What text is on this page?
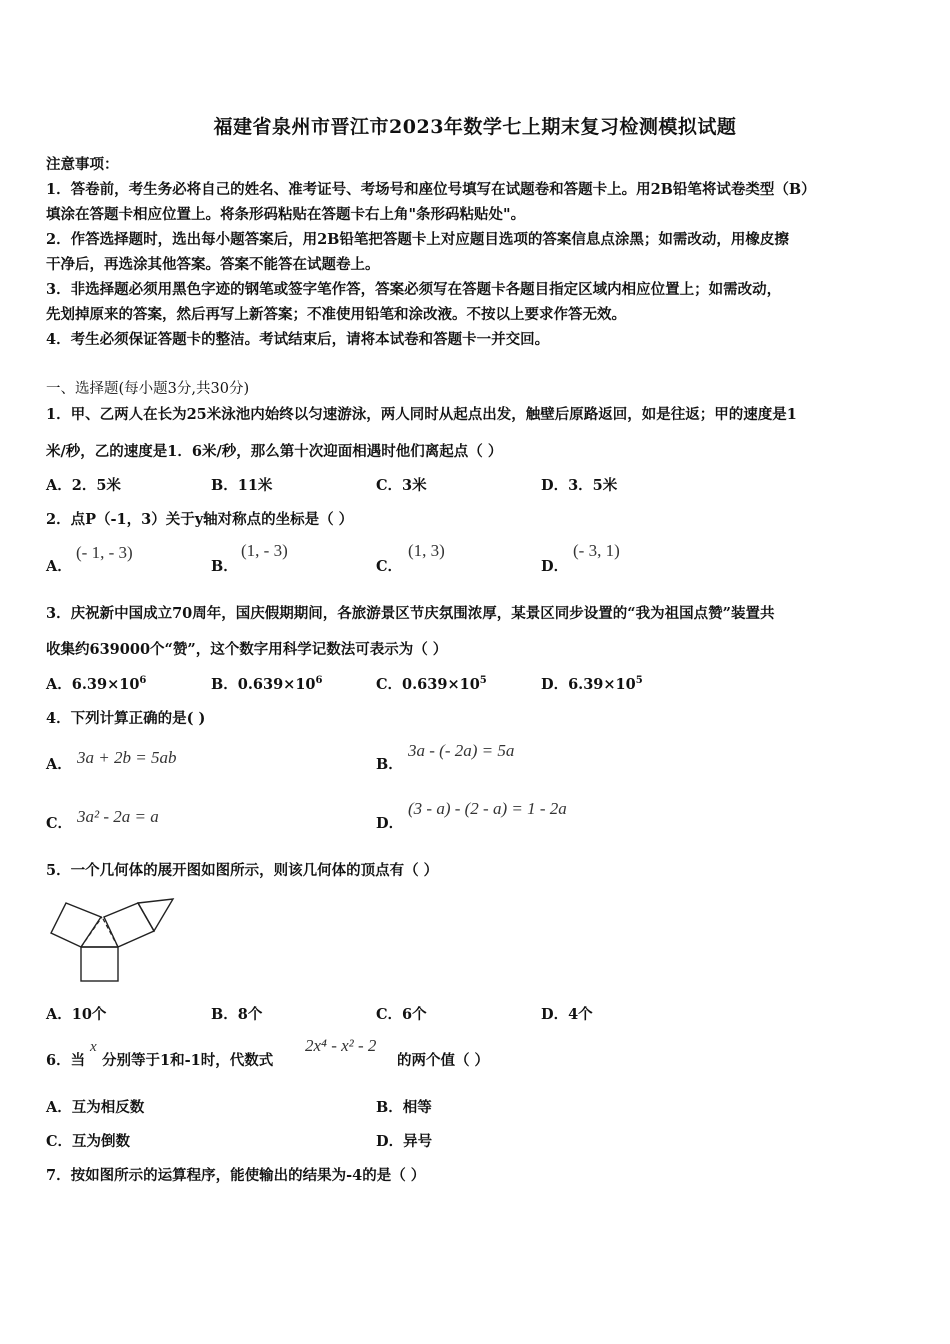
福建省泉州市晋江市2023年数学七上期末复习检测模拟试题
注意事项：
1．答卷前，考生务必将自己的姓名、准考证号、考场号和座位号填写在试题卷和答题卡上。用2B铅笔将试卷类型（B）
填涂在答题卡相应位置上。将条形码粘贴在答题卡右上角"条形码粘贴处"。
2．作答选择题时，选出每小题答案后，用2B铅笔把答题卡上对应题目选项的答案信息点涂黑；如需改动，用橡皮擦
干净后，再选涂其他答案。答案不能答在试题卷上。
3．非选择题必须用黑色字迹的钢笔或签字笔作答，答案必须写在答题卡各题目指定区域内相应位置上；如需改动，
先划掉原来的答案，然后再写上新答案；不准使用铅笔和涂改液。不按以上要求作答无效。
4．考生必须保证答题卡的整洁。考试结束后，请将本试卷和答题卡一并交回。
一、选择题(每小题3分,共30分)
1．甲、乙两人在长为25米泳池内始终以匀速游泳，两人同时从起点出发，触壁后原路返回，如是往返；甲的速度是1
米/秒，乙的速度是1．6米/秒，那么第十次迎面相遇时他们离起点（ ）
A．2．5米	B．11米	C．3米	D．3．5米
2．点P（-1，3）关于y轴对称点的坐标是（ ）
A．
(- 1, - 3)
B．
(1, - 3)
C．
(1, 3)
D．
(- 3, 1)
3．庆祝新中国成立70周年，国庆假期期间，各旅游景区节庆氛围浓厚，某景区同步设置的“我为祖国点赞”装置共
收集约639000个“赞”，这个数字用科学记数法可表示为（ ）
A．$6.39\times 10^6$	B．$0.639\times 10^6$	C．$0.639\times 10^5$	D．$6.39\times 10^5$
4．下列计算正确的是( )
A． 3a + 2b = 5ab	B．
3a - (- 2a) = 5a
C． 3a² - 2a = a	D．
(3 - a) - (2 - a) = 1 - 2a
5．一个几何体的展开图如图所示，则该几何体的顶点有（ ）
A．10个	B．8个	C．6个	D．4个
6．当
x
分别等于1和-1时，代数式
2x⁴ - x² - 2
的两个值（ ）
A．互为相反数	B．相等
C．互为倒数	D．异号
7．按如图所示的运算程序，能使输出的结果为-4的是（ ）
